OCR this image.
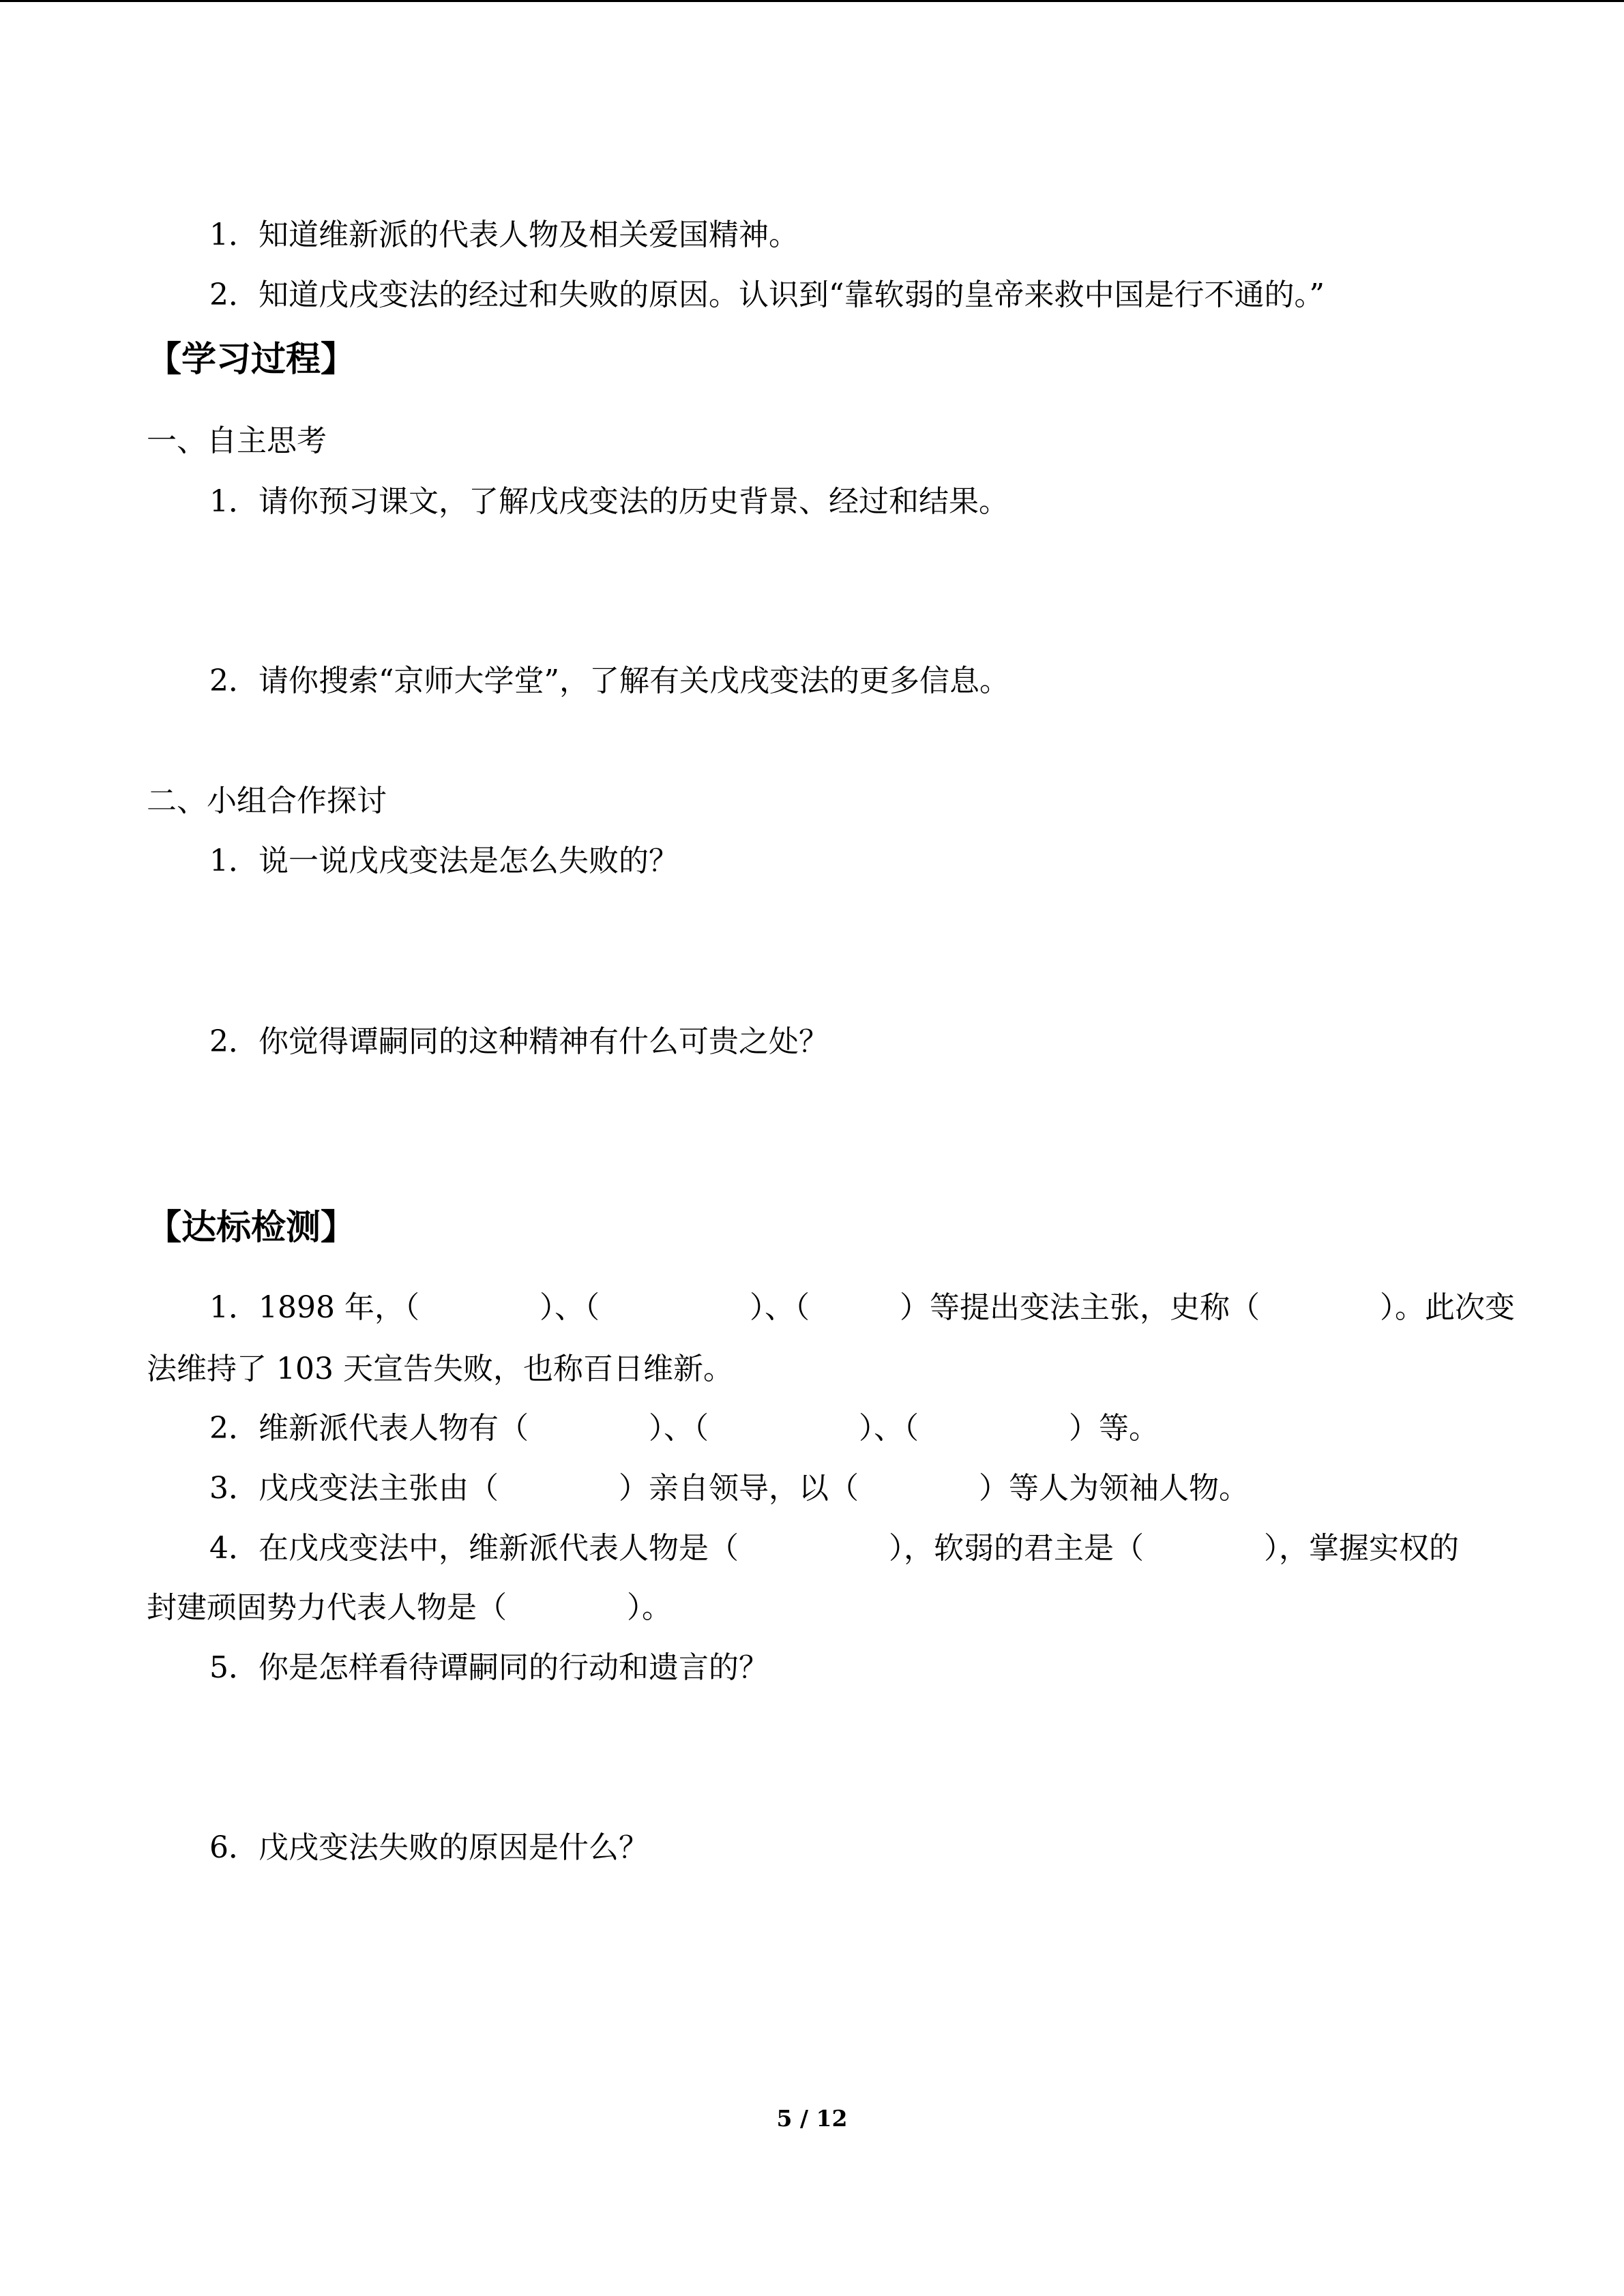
1．知道维新派的代表人物及相关爱国精神。
2．知道戊戌变法的经过和失败的原因。认识到“靠软弱的皇帝来救中国是行不通的。”
【学习过程】
一、自主思考
1．请你预习课文，了解戊戌变法的历史背景、经过和结果。
2．请你搜索“京师大学堂”，了解有关戊戌变法的更多信息。
二、小组合作探讨
1．说一说戊戌变法是怎么失败的？
2．你觉得谭嗣同的这种精神有什么可贵之处？
【达标检测】
1．1898 年，（　　　　）、（　　　　　）、（　　　）等提出变法主张，史称（　　　　）。此次变
法维持了 103 天宣告失败，也称百日维新。
2．维新派代表人物有（　　　　）、（　　　　　）、（　　　　　）等。
3．戊戌变法主张由（　　　　）亲自领导，以（　　　　）等人为领袖人物。
4．在戊戌变法中，维新派代表人物是（　　　　　），软弱的君主是（　　　　），掌握实权的
封建顽固势力代表人物是（　　　　）。
5．你是怎样看待谭嗣同的行动和遗言的？
6．戊戌变法失败的原因是什么？
5 / 12
